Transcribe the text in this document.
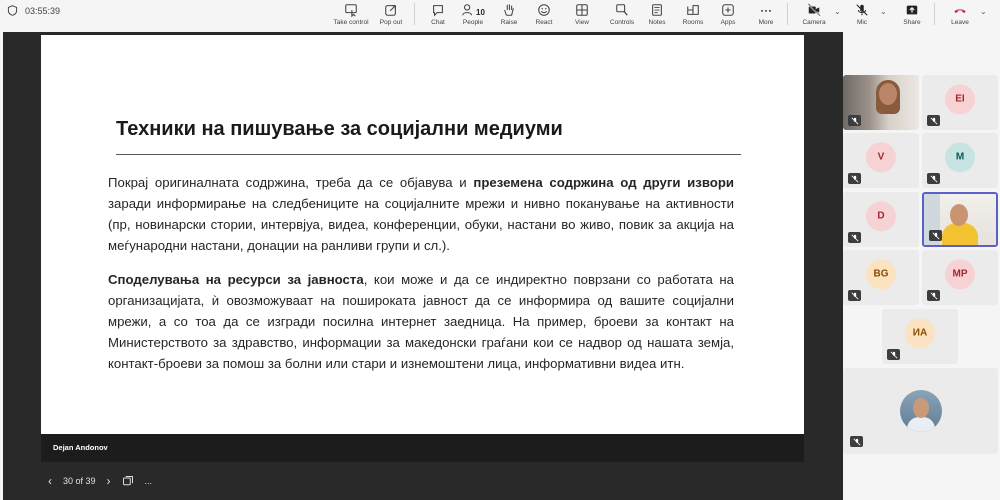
03:55:39
Take control Pop out	Chat
10
People	Raise	React	View	Controls Notes	Rooms	Apps	More	Camera
⌄
Mic
⌄
Share	Leave
⌄
Техники на пишување за социјални медиуми
Покрај оригиналната содржина, треба да се објавува и преземена содржина од други извори заради информирање на следбениците на социјалните мрежи и нивно поканување на активности (пр, новинарски стории, интервјуа, видеа, конференции, обуки, настани во живо, повик за акција на меѓународни настани, донации на ранливи групи и сл.).
Споделувања на ресурси за јавноста, кои може и да се индиректно поврзани со работата на организацијата, ѝ овозможуваат на поширокaта јавност да се информира од вашите социјални мрежи, а со тоа да се изгради посилна интернет заедница. На пример, броеви за контакт на Министерството за здравство, информации за македонски граѓани кои се надвор од нашата земја, контакт-броеви за помош за болни или стари и изнемоштени лица, информативни видеа итн.
Dejan Andonov
‹ 30 of 39 ›	...
EI
V	M
D
BG	MP
ИА
